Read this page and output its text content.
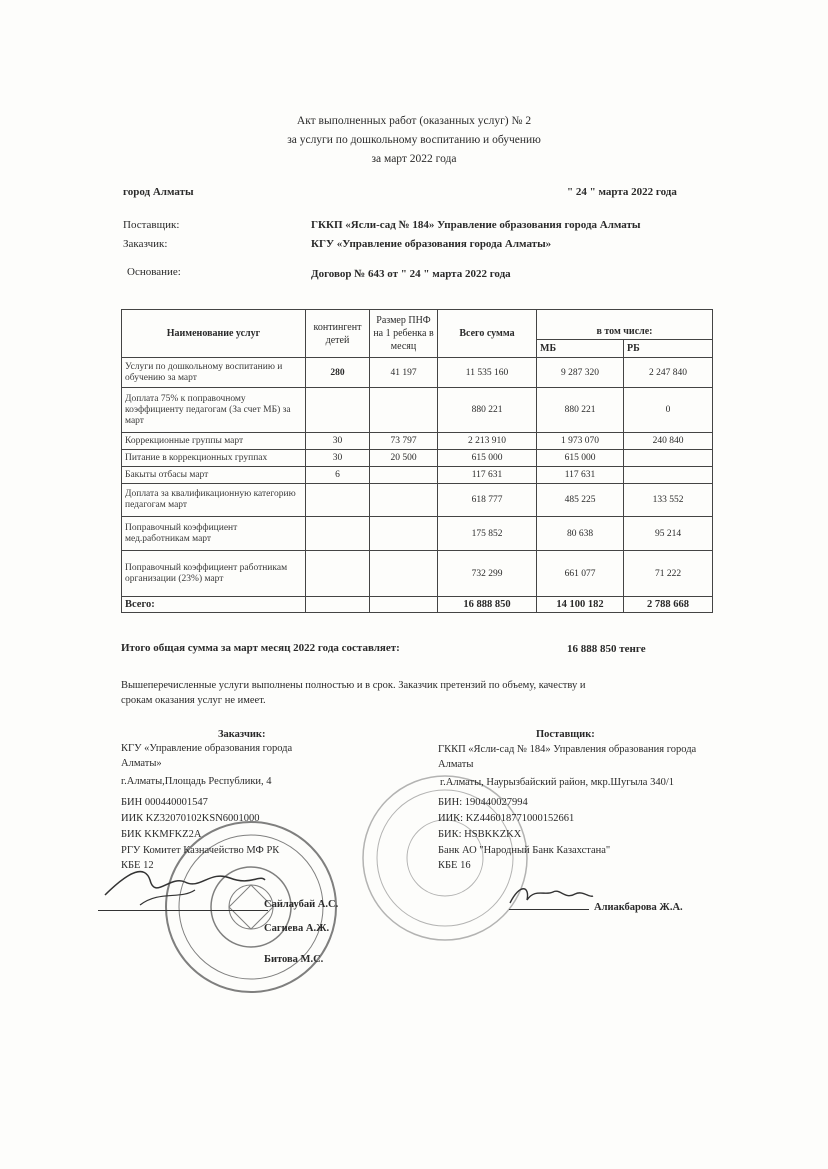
Акт выполненных работ (оказанных услуг) № 2
за услуги по дошкольному воспитанию и обучению
за март 2022 года
город Алматы	" 24 " марта 2022 года
Поставщик:	ГККП «Ясли-сад № 184» Управление образования города Алматы
Заказчик:	КГУ «Управление образования города Алматы»
Основание:	Договор № 643 от " 24 " марта 2022 года
Наименование услуг	контингент детей	Размер ПНФ на 1 ребенка в месяц	Всего сумма	в том числе:	
				МБ	РБ
Услуги по дошкольному воспитанию и обучению за март	280	41 197	11 535 160	9 287 320	2 247 840
Доплата 75% к поправочному коэффициенту педагогам (За счет МБ) за март			880 221	880 221	0
Коррекционные группы март	30	73 797	2 213 910	1 973 070	240 840
Питание в коррекционных группах	30	20 500	615 000	615 000	
Бакыты отбасы март	6		117 631	117 631	
Доплата за квалификационную категорию педагогам март			618 777	485 225	133 552
Поправочный коэффициент мед.работникам март			175 852	80 638	95 214
Поправочный коэффициент работникам организации (23%) март			732 299	661 077	71 222
Всего:			16 888 850	14 100 182	2 788 668
Итого общая сумма за март месяц 2022 года составляет:	16 888 850 тенге
Вышеперечисленные услуги выполнены полностью и в срок. Заказчик претензий по объему, качеству и
срокам оказания услуг не имеет.
Заказчик:
КГУ «Управление образования города
Алматы»
г.Алматы,Площадь Республики, 4
БИН 000440001547
ИИК KZ32070102KSN6001000
БИК KKMFKZ2A
РГУ Комитет Казначейство МФ РК
КБЕ 12
Сайлаубай А.С.
Сагиева А.Ж.
Битова М.С.
Поставщик:
ГККП «Ясли-сад № 184» Управления образования города
Алматы
г.Алматы, Наурызбайский район, мкр.Шугыла 340/1
БИН: 190440027994
ИИК: KZ446018771000152661
БИК: HSBKKZKX
Банк АО "Народный Банк Казахстана"
КБЕ 16
Алиакбарова Ж.А.
